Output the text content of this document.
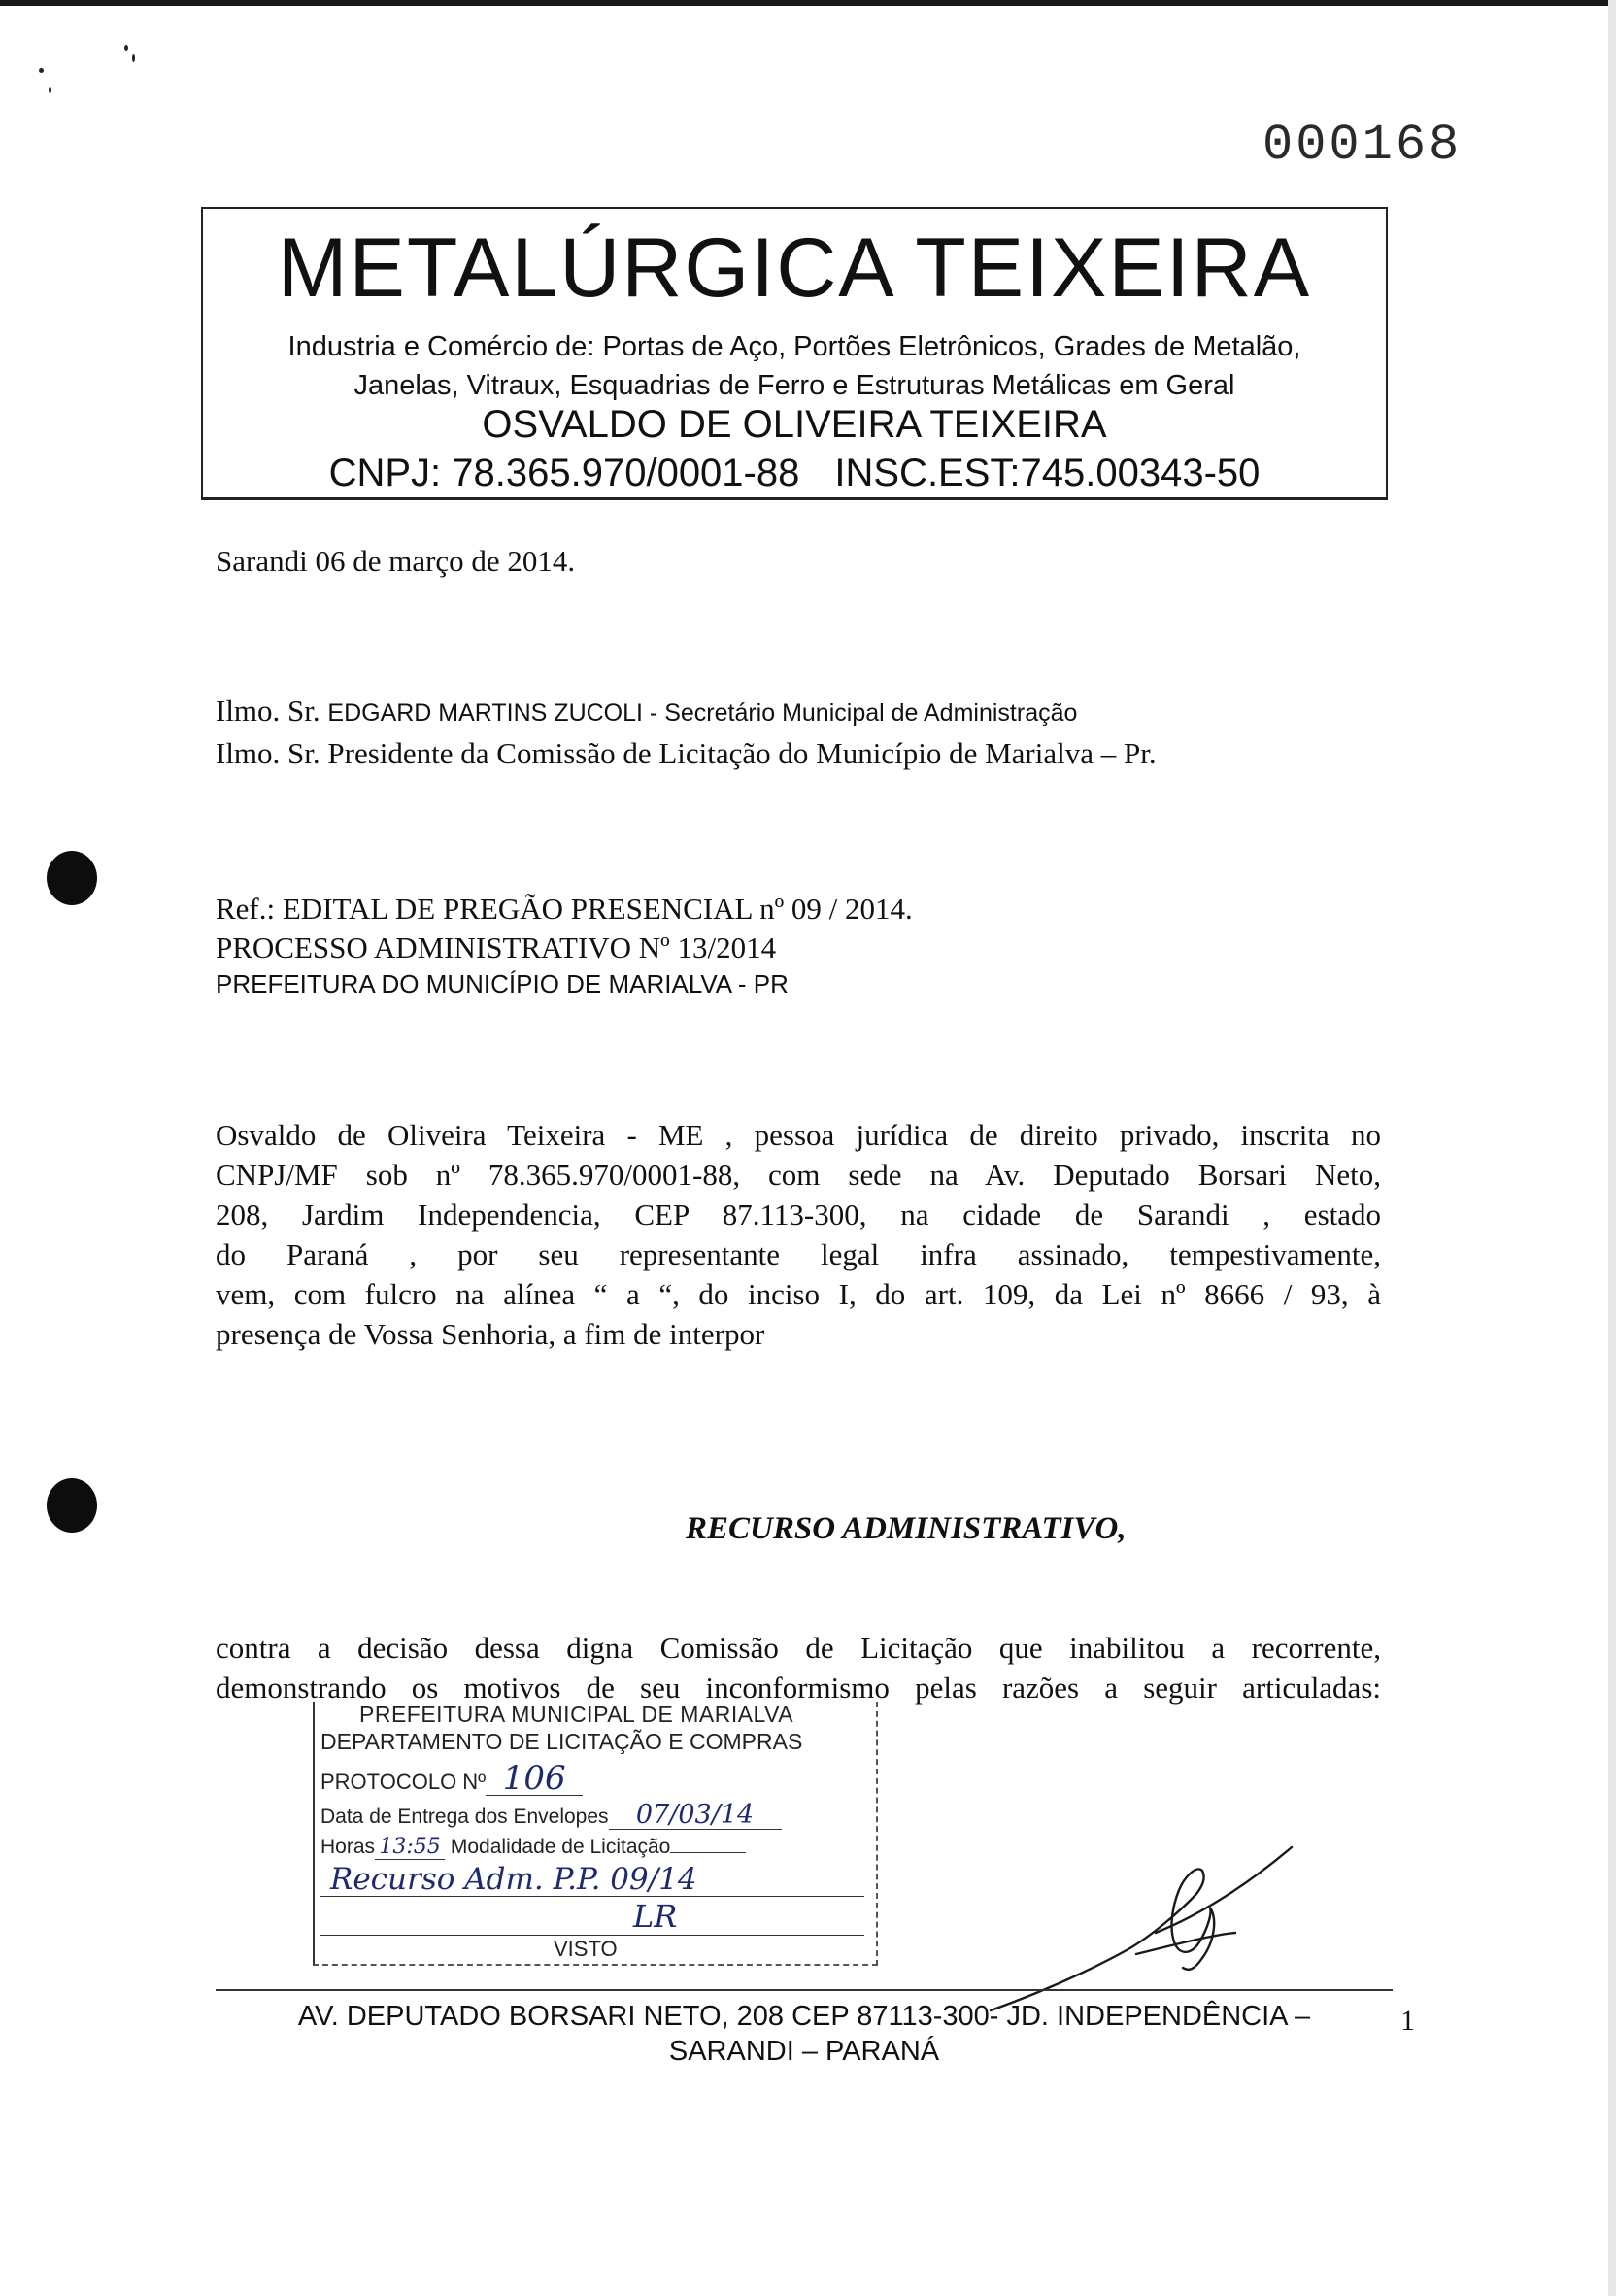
000168
METALÚRGICA TEIXEIRA
Industria e Comércio de: Portas de Aço, Portões Eletrônicos, Grades de Metalão,
Janelas, Vitraux, Esquadrias de Ferro e Estruturas Metálicas em Geral
OSVALDO DE OLIVEIRA TEIXEIRA
CNPJ: 78.365.970/0001-88 INSC.EST:745.00343-50
Sarandi 06 de março de 2014.
Ilmo. Sr. EDGARD MARTINS ZUCOLI - Secretário Municipal de Administração
Ilmo. Sr. Presidente da Comissão de Licitação do Município de Marialva – Pr.
Ref.: EDITAL DE PREGÃO PRESENCIAL nº 09 / 2014.
PROCESSO ADMINISTRATIVO Nº 13/2014
PREFEITURA DO MUNICÍPIO DE MARIALVA - PR
Osvaldo de Oliveira Teixeira - ME , pessoa jurídica de direito privado, inscrita no
CNPJ/MF sob nº 78.365.970/0001-88, com sede na Av. Deputado Borsari Neto,
208, Jardim Independencia, CEP 87.113-300, na cidade de Sarandi , estado
do Paraná , por seu representante legal infra assinado, tempestivamente,
vem, com fulcro na alínea “ a “, do inciso I, do art. 109, da Lei nº 8666 / 93, à
presença de Vossa Senhoria, a fim de interpor
RECURSO ADMINISTRATIVO,
contra a decisão dessa digna Comissão de Licitação que inabilitou a recorrente,
demonstrando os motivos de seu inconformismo pelas razões a seguir articuladas:
PREFEITURA MUNICIPAL DE MARIALVA
DEPARTAMENTO DE LICITAÇÃO E COMPRAS
PROTOCOLO Nº 106
Data de Entrega dos Envelopes 07/03/14
Horas 13:55 Modalidade de Licitação
Recurso Adm. P.P. 09/14
LR
VISTO
AV. DEPUTADO BORSARI NETO, 208 CEP 87113-300- JD. INDEPENDÊNCIA –
SARANDI – PARANÁ
1
